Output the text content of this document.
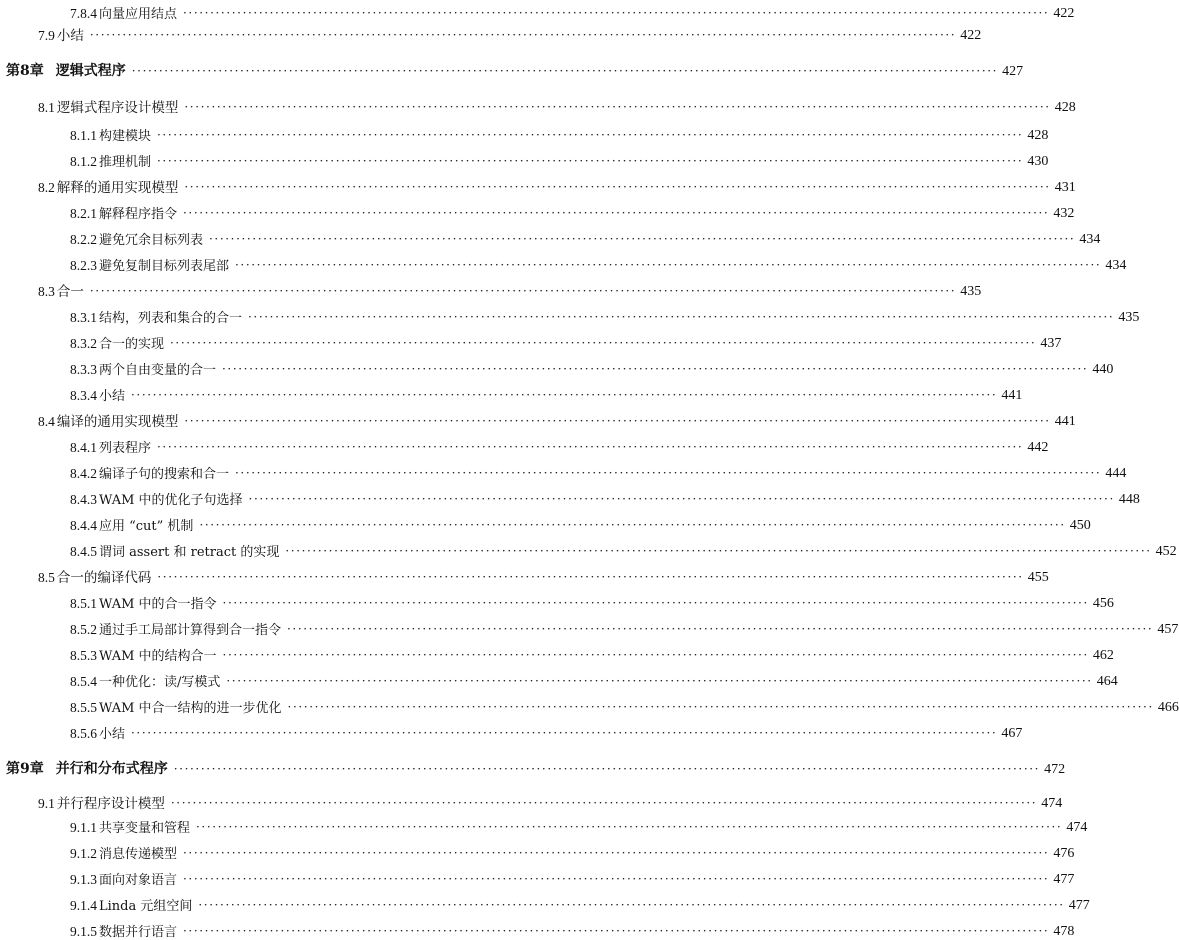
7.8.4 向量应用结点 ································································································································································ 422
7.9 小结 ································································································································································ 422
第8章 逻辑式程序 ································································································································································ 427
8.1 逻辑式程序设计模型 ································································································································································ 428
8.1.1 构建模块 ································································································································································ 428
8.1.2 推理机制 ································································································································································ 430
8.2 解释的通用实现模型 ································································································································································ 431
8.2.1 解释程序指令 ································································································································································ 432
8.2.2 避免冗余目标列表 ································································································································································ 434
8.2.3 避免复制目标列表尾部 ································································································································································ 434
8.3 合一 ································································································································································ 435
8.3.1 结构，列表和集合的合一 ································································································································································ 435
8.3.2 合一的实现 ································································································································································ 437
8.3.3 两个自由变量的合一 ································································································································································ 440
8.3.4 小结 ································································································································································ 441
8.4 编译的通用实现模型 ································································································································································ 441
8.4.1 列表程序 ································································································································································ 442
8.4.2 编译子句的搜索和合一 ································································································································································ 444
8.4.3 WAM 中的优化子句选择 ································································································································································ 448
8.4.4 应用 “cut” 机制 ································································································································································ 450
8.4.5 谓词 assert 和 retract 的实现 ································································································································································ 452
8.5 合一的编译代码 ································································································································································ 455
8.5.1 WAM 中的合一指令 ································································································································································ 456
8.5.2 通过手工局部计算得到合一指令 ································································································································································ 457
8.5.3 WAM 中的结构合一 ································································································································································ 462
8.5.4 一种优化：读/写模式 ································································································································································ 464
8.5.5 WAM 中合一结构的进一步优化 ································································································································································ 466
8.5.6 小结 ································································································································································ 467
第9章 并行和分布式程序 ································································································································································ 472
9.1 并行程序设计模型 ································································································································································ 474
9.1.1 共享变量和管程 ································································································································································ 474
9.1.2 消息传递模型 ································································································································································ 476
9.1.3 面向对象语言 ································································································································································ 477
9.1.4 Linda 元组空间 ································································································································································ 477
9.1.5 数据并行语言 ································································································································································ 478
